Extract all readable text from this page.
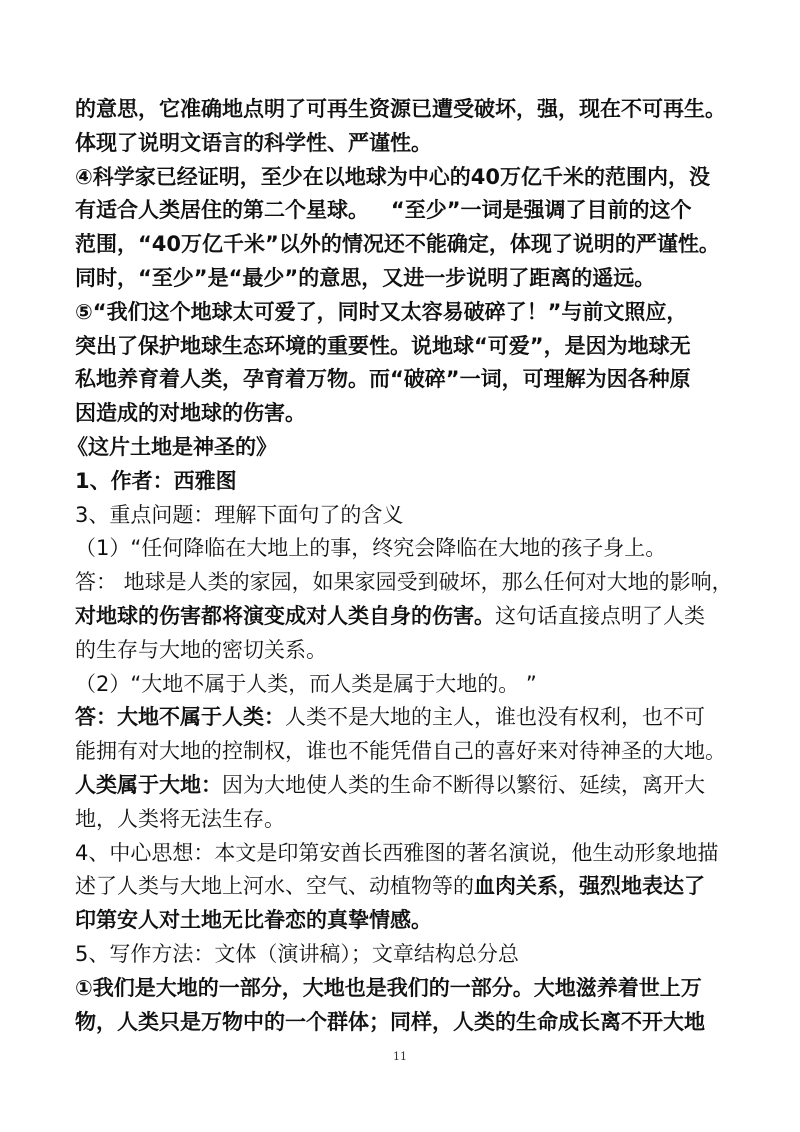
的意思，它准确地点明了可再生资源已遭受破坏，强，现在不可再生。
体现了说明文语言的科学性、严谨性。
④科学家已经证明，至少在以地球为中心的40万亿千米的范围内，没
有适合人类居住的第二个星球。   “至少”一词是强调了目前的这个
范围，“40万亿千米”以外的情况还不能确定，体现了说明的严谨性。
同时，“至少”是“最少”的意思，又进一步说明了距离的遥远。
⑤“我们这个地球太可爱了，同时又太容易破碎了！”与前文照应，
突出了保护地球生态环境的重要性。说地球“可爱”，是因为地球无
私地养育着人类，孕育着万物。而“破碎”一词，可理解为因各种原
因造成的对地球的伤害。
《这片土地是神圣的》
1、作者：西雅图
3、重点问题：理解下面句了的含义
（1）“任何降临在大地上的事，终究会降临在大地的孩子身上。
答： 地球是人类的家园，如果家园受到破坏，那么任何对大地的影响，
对地球的伤害都将演变成对人类自身的伤害。这句话直接点明了人类
的生存与大地的密切关系。
（2）“大地不属于人类，而人类是属于大地的。 ”
答：大地不属于人类：人类不是大地的主人，谁也没有权利，也不可
能拥有对大地的控制权，谁也不能凭借自己的喜好来对待神圣的大地。
人类属于大地：因为大地使人类的生命不断得以繁衍、延续，离开大
地，人类将无法生存。
4、中心思想：本文是印第安酋长西雅图的著名演说，他生动形象地描
述了人类与大地上河水、空气、动植物等的血肉关系，强烈地表达了
印第安人对土地无比眷恋的真挚情感。
5、写作方法：文体（演讲稿）；文章结构总分总
①我们是大地的一部分，大地也是我们的一部分。大地滋养着世上万
物，人类只是万物中的一个群体；同样，人类的生命成长离不开大地
11
